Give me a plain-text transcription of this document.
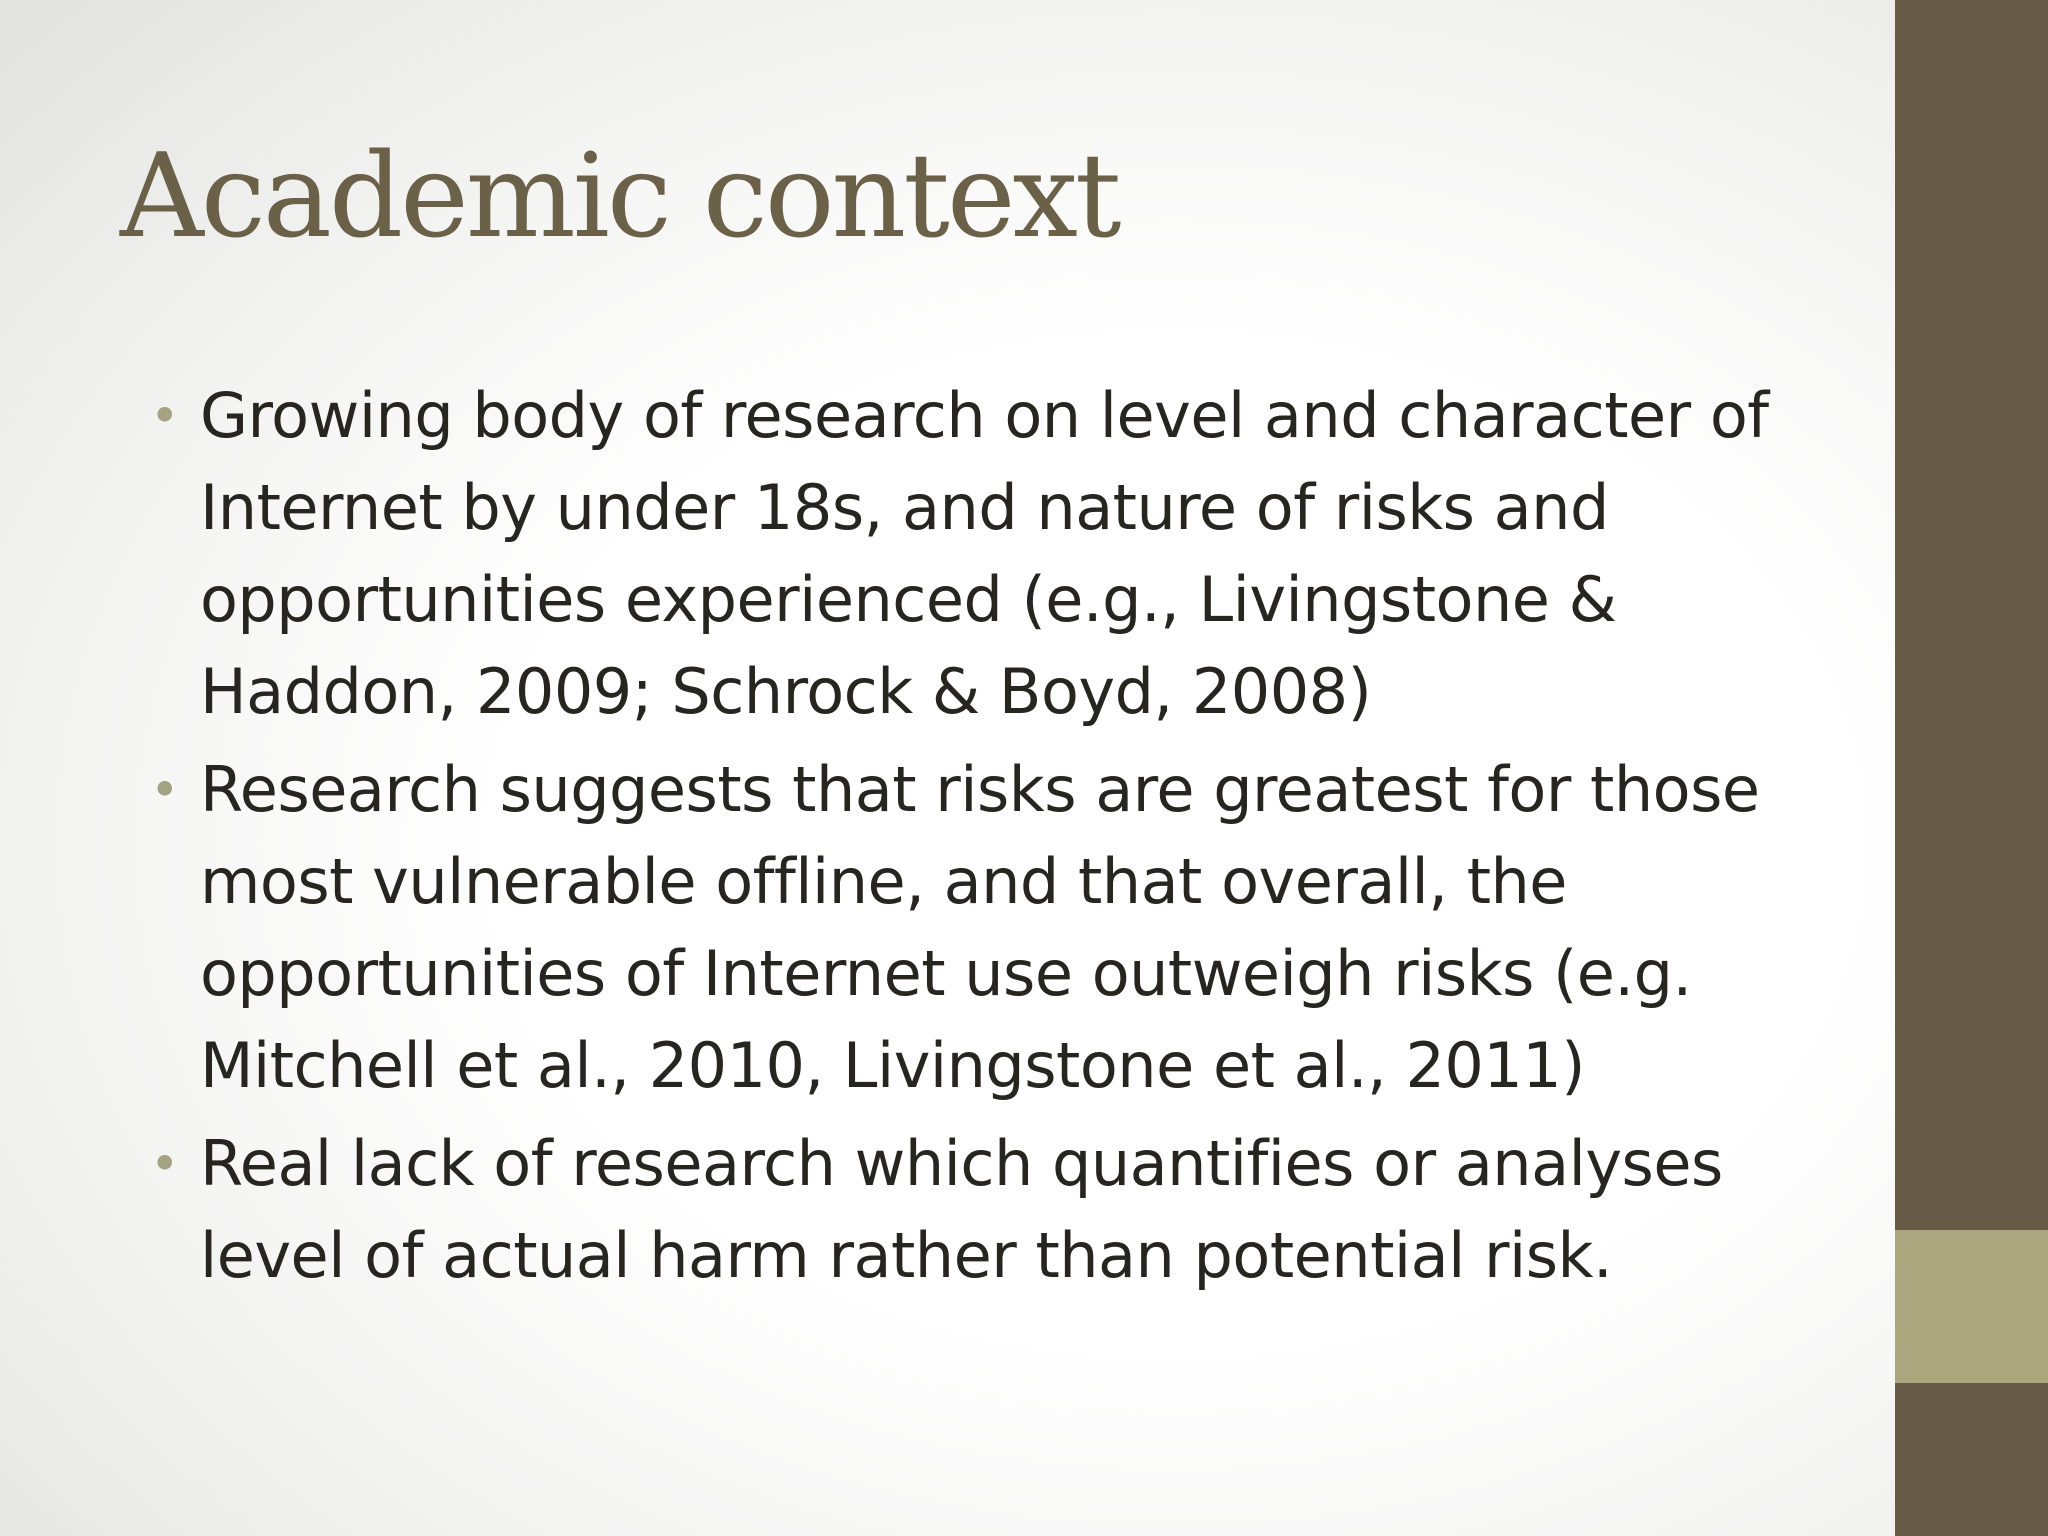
Academic context
• Growing body of research on level and character of Internet by under 18s, and nature of risks and opportunities experienced (e.g., Livingstone & Haddon, 2009; Schrock & Boyd, 2008)
• Research suggests that risks are greatest for those most vulnerable offline, and that overall, the opportunities of Internet use outweigh risks (e.g. Mitchell et al., 2010, Livingstone et al., 2011)
• Real lack of research which quantifies or analyses level of actual harm rather than potential risk.
